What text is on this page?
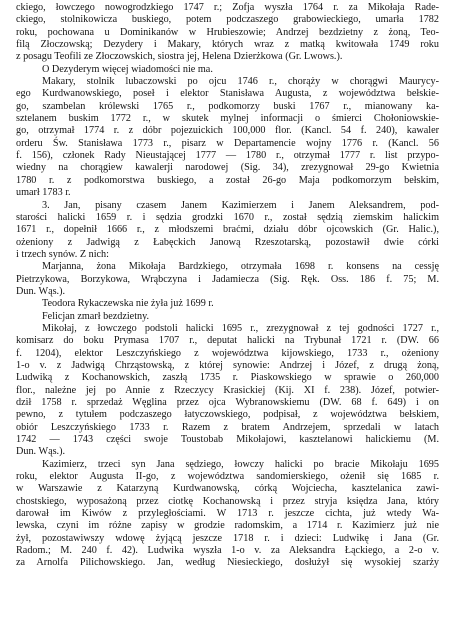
ckiego, łowczego nowogrodzkiego 1747 r.; Zofja wyszła 1764 r. za Mikołaja Rade-
ckiego, stolnikowicza buskiego, potem podczaszego grabowieckiego, umarła 1782
roku, pochowana u Dominikanów w Hrubieszowie; Andrzej bezdzietny z żoną, Teo-
filą Złoczowską; Dezydery i Makary, których wraz z matką kwitowała 1749 roku
z posagu Teofili ze Złoczowskich, siostra jej, Helena Dzierżkowa (Gr. Lwows.).
O Dezyderym więcej wiadomości nie ma.
Makary, stolnik lubaczowski po ojcu 1746 r., chorąży w chorągwi Maurycy-
ego Kurdwanowskiego, poseł i elektor Stanisława Augusta, z województwa bełskie-
go, szambelan królewski 1765 r., podkomorzy buski 1767 r., mianowany ka-
sztelanem buskim 1772 r., w skutek mylnej informacji o śmierci Chołoniowskie-
go, otrzymał 1774 r. z dóbr pojezuickich 100,000 flor. (Kancl. 54 f. 240), kawaler
orderu Św. Stanisława 1773 r., pisarz w Departamencie wojny 1776 r. (Kancl. 56
f. 156), członek Rady Nieustającej 1777 — 1780 r., otrzymał 1777 r. list przypo-
wiedny na chorągiew kawalerji narodowej (Sig. 34), zrezygnował 29-go Kwietnia
1780 r. z podkomorstwa buskiego, a został 26-go Maja podkomorzym bełskim,
umarł 1783 r.
3. Jan, pisany czasem Janem Kazimierzem i Janem Aleksandrem, pod-
starości halicki 1659 r. i sędzia grodzki 1670 r., został sędzią ziemskim halickim
1671 r., dopełnił 1666 r., z młodszemi braćmi, działu dóbr ojcowskich (Gr. Halic.),
ożeniony z Jadwigą z Łabęckich Janową Rzeszotarską, pozostawił dwie córki
i trzech synów. Z nich:
Marjanna, żona Mikołaja Bardzkiego, otrzymała 1698 r. konsens na cessję
Pietrzykowa, Borzykowa, Wrąbczyna i Jadamiecza (Sig. Ręk. Oss. 186 f. 75; M.
Dun. Wąs.).
Teodora Rykaczewska nie żyła już 1699 r.
Felicjan zmarł bezdzietny.
Mikołaj, z łowczego podstoli halicki 1695 r., zrezygnował z tej godności 1727 r.,
komisarz do boku Prymasa 1707 r., deputat halicki na Trybunał 1721 r. (DW. 66
f. 1204), elektor Leszczyńskiego z województwa kijowskiego, 1733 r., ożeniony
1-o v. z Jadwigą Chrząstowską, z której synowie: Andrzej i Józef, z drugą żoną,
Ludwiką z Kochanowskich, zaszłą 1735 r. Piaskowskiego w sprawie o 260,000
flor., należne jej po Annie z Rzeczycy Krasickiej (Kij. XI f. 238). Józef, potwier-
dził 1758 r. sprzedaż Węglina przez ojca Wybranowskiemu (DW. 68 f. 649) i on
pewno, z tytułem podczaszego łatyczowskiego, podpisał, z województwa bełskiem,
obiór Leszczyńskiego 1733 r. Razem z bratem Andrzejem, sprzedali w latach
1742 — 1743 części swoje Toustobab Mikołajowi, kasztelanowi halickiemu (M.
Dun. Wąs.).
Kazimierz, trzeci syn Jana sędziego, łowczy halicki po bracie Mikołaju 1695
roku, elektor Augusta II-go, z województwa sandomierskiego, ożenił się 1685 r.
w Warszawie z Katarzyną Kurdwanowską, córką Wojciecha, kasztelanica zawi-
chostskiego, wyposażoną przez ciotkę Kochanowską i przez stryja księdza Jana, który
darował im Kiwów z przyległościami. W 1713 r. jeszcze cichta, już wtedy Wa-
lewska, czyni im różne zapisy w grodzie radomskim, a 1714 r. Kazimierz już nie
żył, pozostawiwszy wdowę żyjącą jeszcze 1718 r. i dzieci: Ludwikę i Jana (Gr.
Radom.; M. 240 f. 42). Ludwika wyszła 1-o v. za Aleksandra Łąckiego, a 2-o v.
za Arnolfa Pilichowskiego. Jan, według Niesieckiego, dosłużył się wysokiej szarży
